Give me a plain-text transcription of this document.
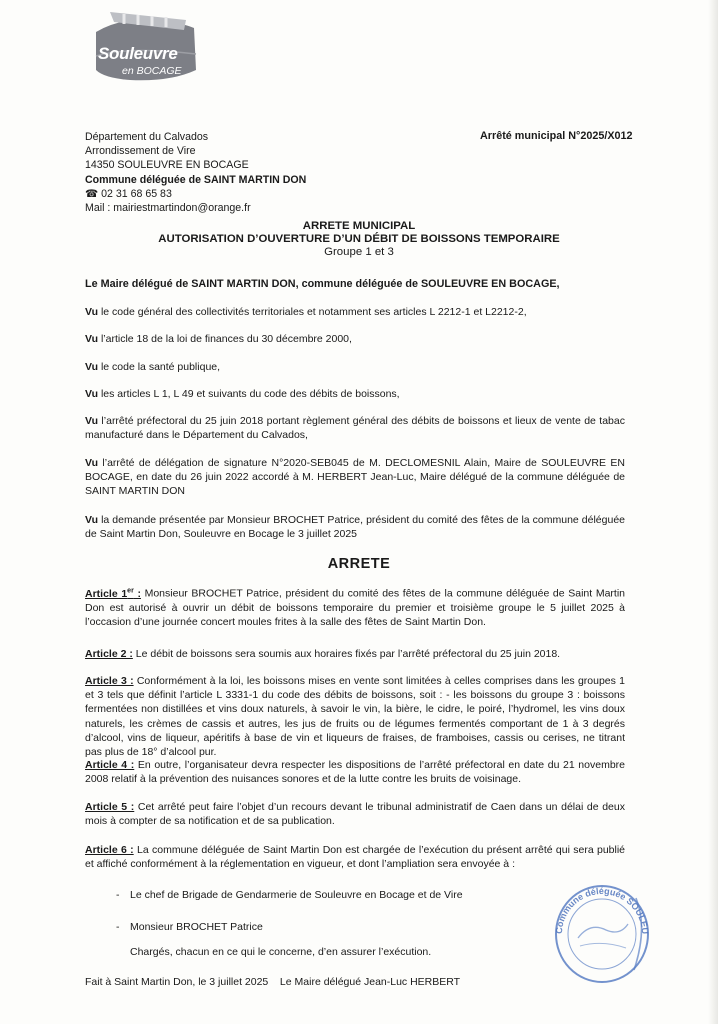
Souleuvre
en BOCAGE
Département du Calvados
Arrondissement de Vire
14350 SOULEUVRE EN BOCAGE
Commune déléguée de SAINT MARTIN DON
☎ 02 31 68 65 83
Mail : mairiestmartindon@orange.fr
Arrêté municipal N°2025/X012
ARRETE MUNICIPAL
AUTORISATION D’OUVERTURE D’UN DÉBIT DE BOISSONS TEMPORAIRE
Groupe 1 et 3
Le Maire délégué de SAINT MARTIN DON, commune déléguée de SOULEUVRE EN BOCAGE,
Vu le code général des collectivités territoriales et notamment ses articles L 2212-1 et L2212-2,
Vu l’article 18 de la loi de finances du 30 décembre 2000,
Vu le code la santé publique,
Vu les articles L 1, L 49 et suivants du code des débits de boissons,
Vu l’arrêté préfectoral du 25 juin 2018 portant règlement général des débits de boissons et lieux de vente de tabac manufacturé dans le Département du Calvados,
Vu l’arrêté de délégation de signature N°2020-SEB045 de M. DECLOMESNIL Alain, Maire de SOULEUVRE EN BOCAGE, en date du 26 juin 2022 accordé à M. HERBERT Jean-Luc, Maire délégué de la commune déléguée de SAINT MARTIN DON
Vu la demande présentée par Monsieur BROCHET Patrice, président du comité des fêtes de la commune déléguée de Saint Martin Don, Souleuvre en Bocage le 3 juillet 2025
ARRETE
Article 1er : Monsieur BROCHET Patrice, président du comité des fêtes de la commune déléguée de Saint Martin Don est autorisé à ouvrir un débit de boissons temporaire du premier et troisième groupe le 5 juillet 2025 à l’occasion d’une journée concert moules frites à la salle des fêtes de Saint Martin Don.
Article 2 : Le débit de boissons sera soumis aux horaires fixés par l’arrêté préfectoral du 25 juin 2018.
Article 3 : Conformément à la loi, les boissons mises en vente sont limitées à celles comprises dans les groupes 1 et 3 tels que définit l’article L 3331-1 du code des débits de boissons, soit : - les boissons du groupe 3 : boissons fermentées non distillées et vins doux naturels, à savoir le vin, la bière, le cidre, le poiré, l’hydromel, les vins doux naturels, les crèmes de cassis et autres, les jus de fruits ou de légumes fermentés comportant de 1 à 3 degrés d’alcool, vins de liqueur, apéritifs à base de vin et liqueurs de fraises, de framboises, cassis ou cerises, ne titrant pas plus de 18° d’alcool pur.
Article 4 : En outre, l’organisateur devra respecter les dispositions de l’arrêté préfectoral en date du 21 novembre 2008 relatif à la prévention des nuisances sonores et de la lutte contre les bruits de voisinage.
Article 5 : Cet arrêté peut faire l’objet d’un recours devant le tribunal administratif de Caen dans un délai de deux mois à compter de sa notification et de sa publication.
Article 6 : La commune déléguée de Saint Martin Don est chargée de l’exécution du présent arrêté qui sera publié et affiché conformément à la réglementation en vigueur, et dont l’ampliation sera envoyée à :
- Le chef de Brigade de Gendarmerie de Souleuvre en Bocage et de Vire
- Monsieur BROCHET Patrice
Chargés, chacun en ce qui le concerne, d’en assurer l’exécution.
Fait à Saint Martin Don, le 3 juillet 2025    Le Maire délégué Jean-Luc HERBERT
Commune déléguée SOULEU
